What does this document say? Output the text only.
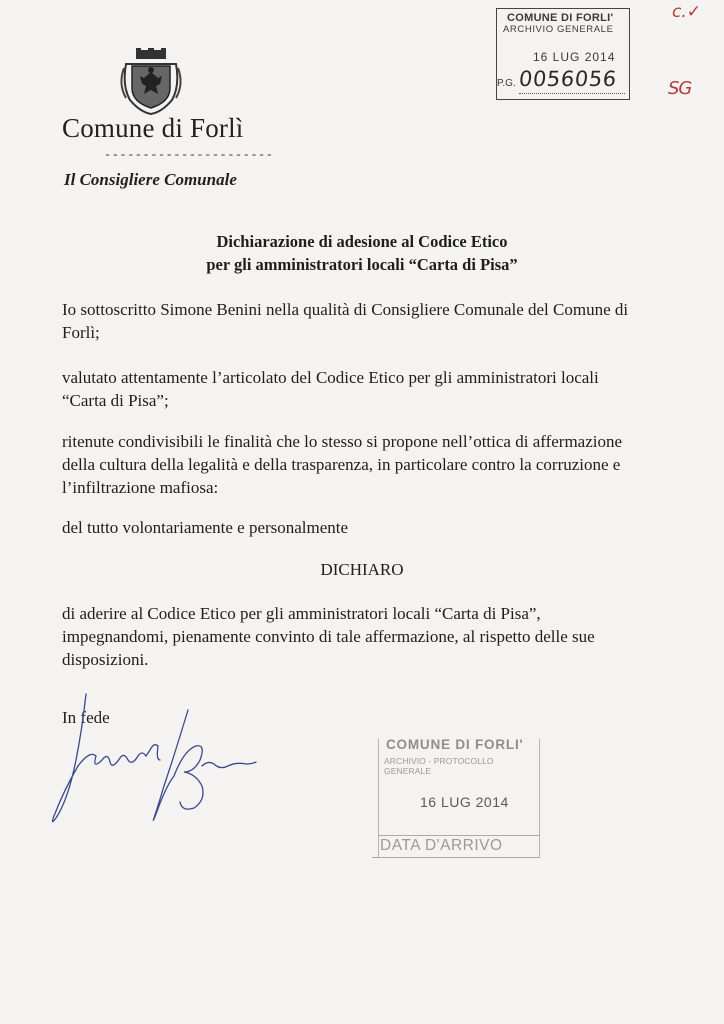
Comune di Forlì
----------------------
Il Consigliere Comunale
COMUNE DI FORLI'
ARCHIVIO GENERALE
16 LUG 2014
P.G. 0056056
c.✓
SG
Dichiarazione di adesione al Codice Etico
per gli amministratori locali “Carta di Pisa”
Io sottoscritto Simone Benini nella qualità di Consigliere Comunale del Comune di Forlì;
valutato attentamente l’articolato del Codice Etico per gli amministratori locali “Carta di Pisa”;
ritenute condivisibili le finalità che lo stesso si propone nell’ottica di affermazione della cultura della legalità e della trasparenza, in particolare contro la corruzione e l’infiltrazione mafiosa:
del tutto volontariamente e personalmente
DICHIARO
di aderire al Codice Etico per gli amministratori locali “Carta di Pisa”, impegnandomi, pienamente convinto di tale affermazione, al rispetto delle sue disposizioni.
In fede
COMUNE DI FORLI'
ARCHIVIO - PROTOCOLLO GENERALE
16 LUG 2014
DATA D'ARRIVO
